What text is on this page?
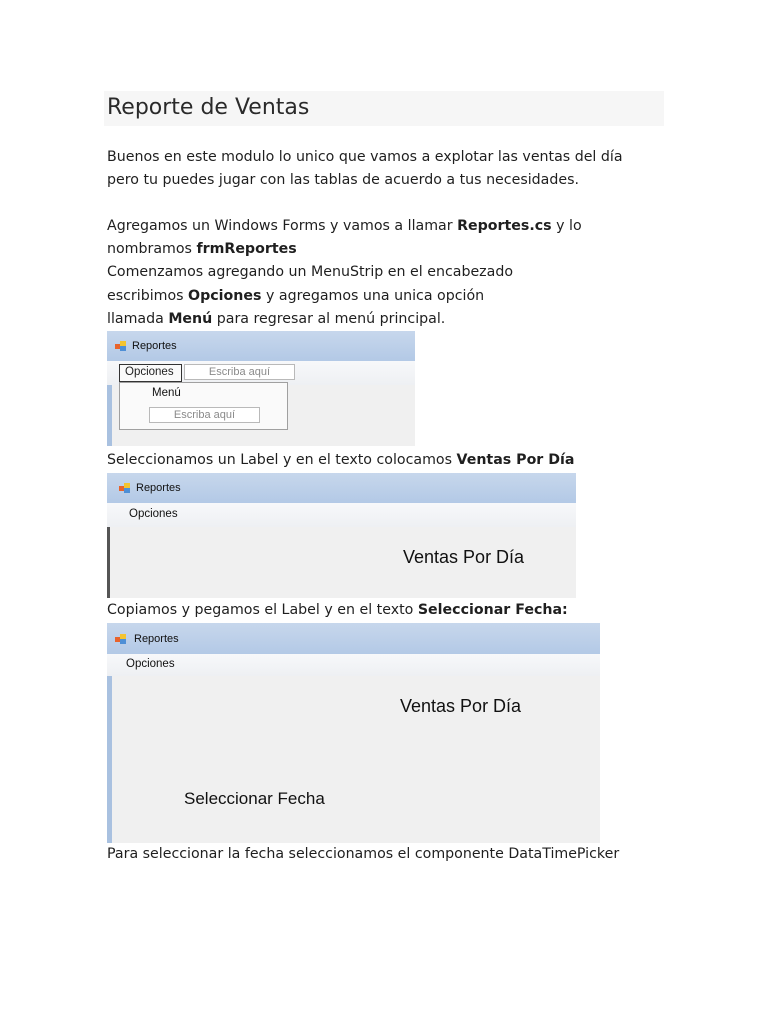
Reporte de Ventas
Buenos en este modulo lo unico que vamos a explotar las ventas del día
pero tu puedes jugar con las tablas de acuerdo a tus necesidades.
Agregamos un Windows Forms y vamos a llamar Reportes.cs y lo
nombramos frmReportes
Comenzamos agregando un MenuStrip en el encabezado
escribimos Opciones y agregamos una unica opción
llamada Menú para regresar al menú principal.
Reportes
Opciones	Escriba aquí
Menú
Escriba aquí
Seleccionamos un Label y en el texto colocamos Ventas Por Día
Reportes
Opciones
Ventas Por Día
Copiamos y pegamos el Label y en el texto Seleccionar Fecha:
Reportes
Opciones
Ventas Por Día
Seleccionar Fecha
Para seleccionar la fecha seleccionamos el componente DataTimePicker
